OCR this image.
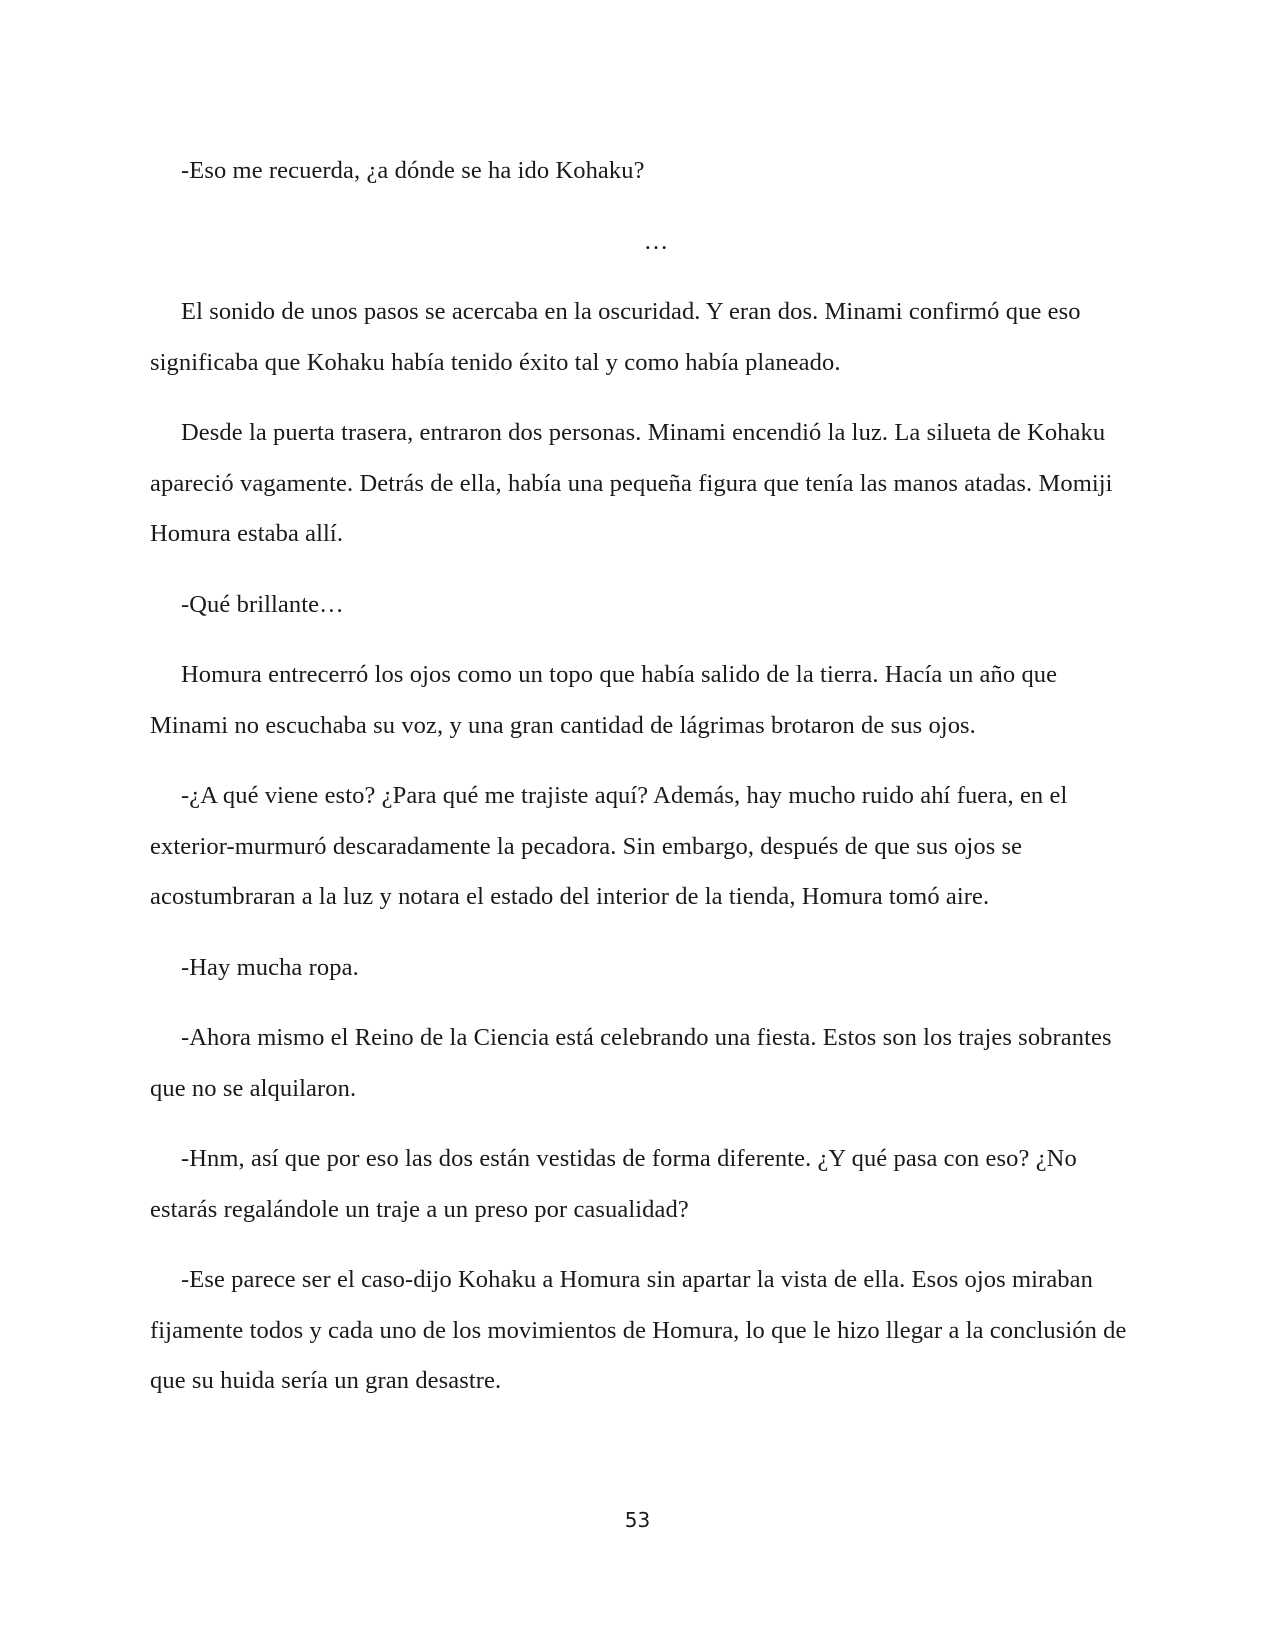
-Eso me recuerda, ¿a dónde se ha ido Kohaku?

…

El sonido de unos pasos se acercaba en la oscuridad. Y eran dos. Minami confirmó que eso significaba que Kohaku había tenido éxito tal y como había planeado.

Desde la puerta trasera, entraron dos personas. Minami encendió la luz. La silueta de Kohaku apareció vagamente. Detrás de ella, había una pequeña figura que tenía las manos atadas. Momiji Homura estaba allí.

-Qué brillante…

Homura entrecerró los ojos como un topo que había salido de la tierra. Hacía un año que Minami no escuchaba su voz, y una gran cantidad de lágrimas brotaron de sus ojos.

-¿A qué viene esto? ¿Para qué me trajiste aquí? Además, hay mucho ruido ahí fuera, en el exterior-murmuró descaradamente la pecadora. Sin embargo, después de que sus ojos se acostumbraran a la luz y notara el estado del interior de la tienda, Homura tomó aire.

-Hay mucha ropa.

-Ahora mismo el Reino de la Ciencia está celebrando una fiesta. Estos son los trajes sobrantes que no se alquilaron.

-Hnm, así que por eso las dos están vestidas de forma diferente. ¿Y qué pasa con eso? ¿No estarás regalándole un traje a un preso por casualidad?

-Ese parece ser el caso-dijo Kohaku a Homura sin apartar la vista de ella. Esos ojos miraban fijamente todos y cada uno de los movimientos de Homura, lo que le hizo llegar a la conclusión de que su huida sería un gran desastre.

53
